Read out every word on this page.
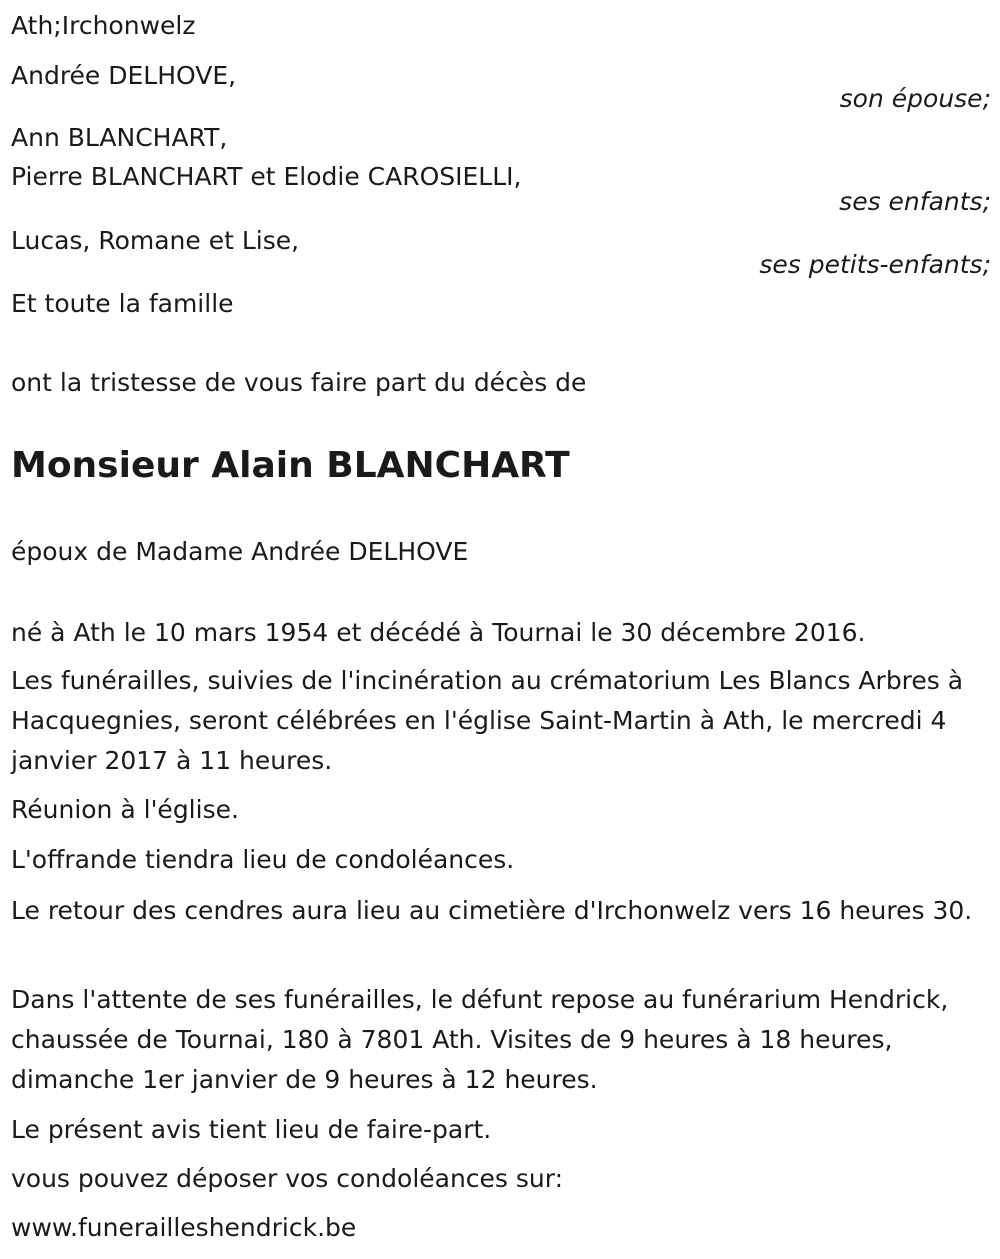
Ath;Irchonwelz
Andrée DELHOVE,
son épouse;
Ann BLANCHART,
Pierre BLANCHART et Elodie CAROSIELLI,
ses enfants;
Lucas, Romane et Lise,
ses petits-enfants;
Et toute la famille
ont la tristesse de vous faire part du décès de
Monsieur Alain BLANCHART
époux de Madame Andrée DELHOVE
né à Ath le 10 mars 1954 et décédé à Tournai le 30 décembre 2016.
Les funérailles, suivies de l'incinération au crématorium Les Blancs Arbres à Hacquegnies, seront célébrées en l'église Saint-Martin à Ath, le mercredi 4 janvier 2017 à 11 heures.
Réunion à l'église.
L'offrande tiendra lieu de condoléances.
Le retour des cendres aura lieu au cimetière d'Irchonwelz vers 16 heures 30.
Dans l'attente de ses funérailles, le défunt repose au funérarium Hendrick, chaussée de Tournai, 180 à 7801 Ath. Visites de 9 heures à 18 heures, dimanche 1er janvier de 9 heures à 12 heures.
Le présent avis tient lieu de faire-part.
vous pouvez déposer vos condoléances sur:
www.funerailleshendrick.be
